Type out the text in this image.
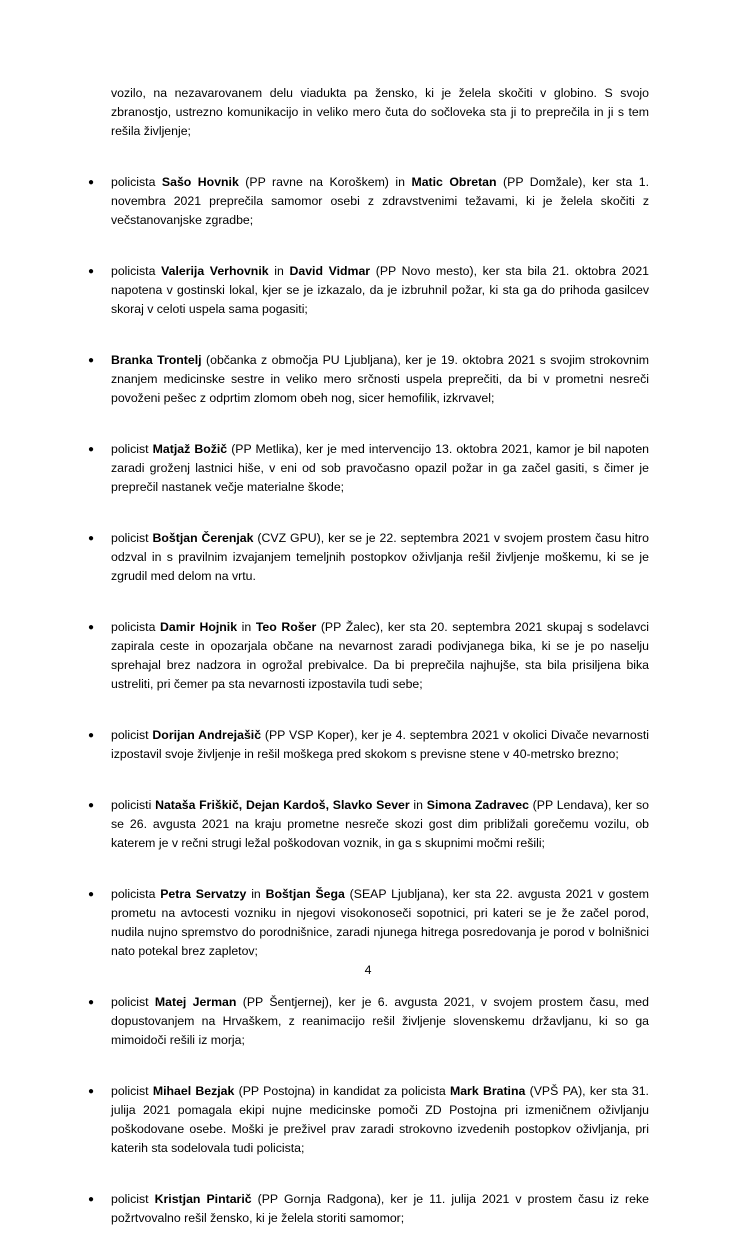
vozilo, na nezavarovanem delu viadukta pa žensko, ki je želela skočiti v globino. S svojo zbranostjo, ustrezno komunikacijo in veliko mero čuta do sočloveka sta ji to preprečila in ji s tem rešila življenje;

● policista Sašo Hovnik (PP ravne na Koroškem) in Matic Obretan (PP Domžale), ker sta 1. novembra 2021 preprečila samomor osebi z zdravstvenimi težavami, ki je želela skočiti z večstanovanjske zgradbe;

● policista Valerija Verhovnik in David Vidmar (PP Novo mesto), ker sta bila 21. oktobra 2021 napotena v gostinski lokal, kjer se je izkazalo, da je izbruhnil požar, ki sta ga do prihoda gasilcev skoraj v celoti uspela sama pogasiti;

● Branka Trontelj (občanka z območja PU Ljubljana), ker je 19. oktobra 2021 s svojim strokovnim znanjem medicinske sestre in veliko mero srčnosti uspela preprečiti, da bi v prometni nesreči povoženi pešec z odprtim zlomom obeh nog, sicer hemofilik, izkrvavel;

● policist Matjaž Božič (PP Metlika), ker je med intervencijo 13. oktobra 2021, kamor je bil napoten zaradi groženj lastnici hiše, v eni od sob pravočasno opazil požar in ga začel gasiti, s čimer je preprečil nastanek večje materialne škode;

● policist Boštjan Čerenjak (CVZ GPU), ker se je 22. septembra 2021 v svojem prostem času hitro odzval in s pravilnim izvajanjem temeljnih postopkov oživljanja rešil življenje moškemu, ki se je zgrudil med delom na vrtu.

● policista Damir Hojnik in Teo Rošer (PP Žalec), ker sta 20. septembra 2021 skupaj s sodelavci zapirala ceste in opozarjala občane na nevarnost zaradi podivjanega bika, ki se je po naselju sprehajal brez nadzora in ogrožal prebivalce. Da bi preprečila najhujše, sta bila prisiljena bika ustreliti, pri čemer pa sta nevarnosti izpostavila tudi sebe;

● policist Dorijan Andrejašič (PP VSP Koper), ker je 4. septembra 2021 v okolici Divače nevarnosti izpostavil svoje življenje in rešil moškega pred skokom s previsne stene v 40-metrsko brezno;

● policisti Nataša Friškič, Dejan Kardoš, Slavko Sever in Simona Zadravec (PP Lendava), ker so se 26. avgusta 2021 na kraju prometne nesreče skozi gost dim približali gorečemu vozilu, ob katerem je v rečni strugi ležal poškodovan voznik, in ga s skupnimi močmi rešili;

● policista Petra Servatzy in Boštjan Šega (SEAP Ljubljana), ker sta 22. avgusta 2021 v gostem prometu na avtocesti vozniku in njegovi visokonoseči sopotnici, pri kateri se je že začel porod, nudila nujno spremstvo do porodnišnice, zaradi njunega hitrega posredovanja je porod v bolnišnici nato potekal brez zapletov;

● policist Matej Jerman (PP Šentjernej), ker je 6. avgusta 2021, v svojem prostem času, med dopustovanjem na Hrvaškem, z reanimacijo rešil življenje slovenskemu državljanu, ki so ga mimoidoči rešili iz morja;

● policist Mihael Bezjak (PP Postojna) in kandidat za policista Mark Bratina (VPŠ PA), ker sta 31. julija 2021 pomagala ekipi nujne medicinske pomoči ZD Postojna pri izmeničnem oživljanju poškodovane osebe. Moški je preživel prav zaradi strokovno izvedenih postopkov oživljanja, pri katerih sta sodelovala tudi policista;

● policist Kristjan Pintarič (PP Gornja Radgona), ker je 11. julija 2021 v prostem času iz reke požrtvovalno rešil žensko, ki je želela storiti samomor;

4
